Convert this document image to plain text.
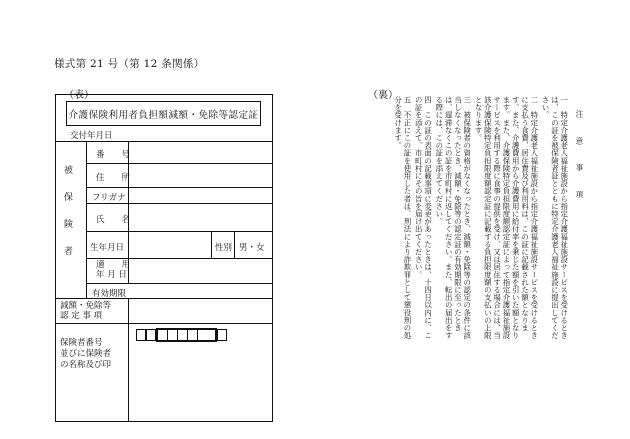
様式第 21 号（第 12 条関係）
（表）
介護保険利用者負担額減額・免除等認定証
交付年月日
被保険者
番　　号
住　　所
フリガナ
氏　　名
生年月日	性別 男・女
適　　用
年 月 日
有効期限
減額・免除等
認 定 事 項
保険者番号
並びに保険者
の名称及び印
（裏）

注　意　事　項

一　特定介護老人福祉施設から指定介護福祉施設サービスを受けるときは、この証を被保険者証とともに特定介護老人福祉施設に提出してください。

二　特定介護老人福祉施設から指定介護福祉施設サービスを受けるときに支払う食費、居住費及び利用料は、この証に記載された額となります。また、介護費用から介護費用に給付率を乗じた額を引いた額となります。また、介護保険特定負担限度額認定証によって指定介護福祉施設サービスを利用する際に食事の提供を受け、又は居住する場合には、当該介護保険特定負担限度額認定証に記載する負担限度額の支払いの上限となります。

三　被保険者の資格がなくなったとき、減額・免除等の認定の条件に該当しなくなったとき、減額・免除等の認定証の有効期限に至ったときは、遅滞なくこの証を市町村に返してください。また、転出の届出をする際には、この証を添えてください。

四　この証の表面の記載事項に変更があったときは、十四日以内に、この証を添えて、市町村にその旨を届け出てください。

五　不正にこの証を使用した者は、刑法により詐欺罪として懲役刑の処分を受けます。
